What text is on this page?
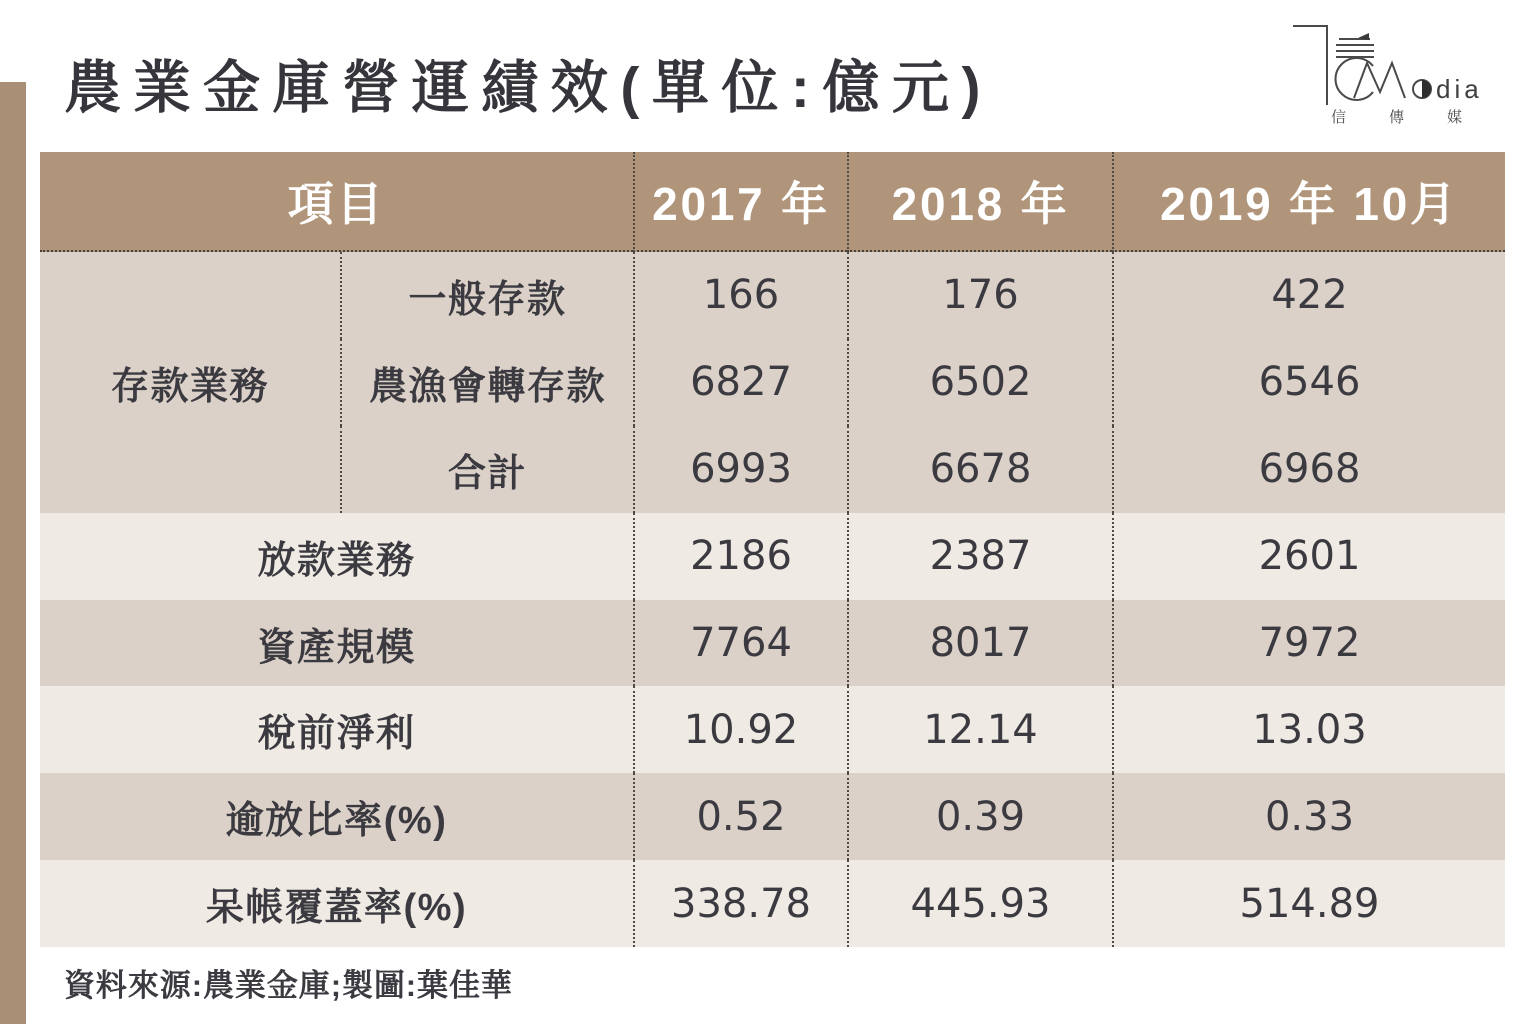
農業金庫營運績效(單位:億元)	dia
信傳媒
項目	2017 年	2018 年	2019 年 10月
存款業務
一般存款	166	176	422
農漁會轉存款	6827	6502	6546
合計	6993	6678	6968
放款業務	2186	2387	2601
資產規模	7764	8017	7972
稅前淨利	10.92	12.14	13.03
逾放比率(%)	0.52	0.39	0.33
呆帳覆蓋率(%)	338.78	445.93	514.89
資料來源:農業金庫;製圖:葉佳華
